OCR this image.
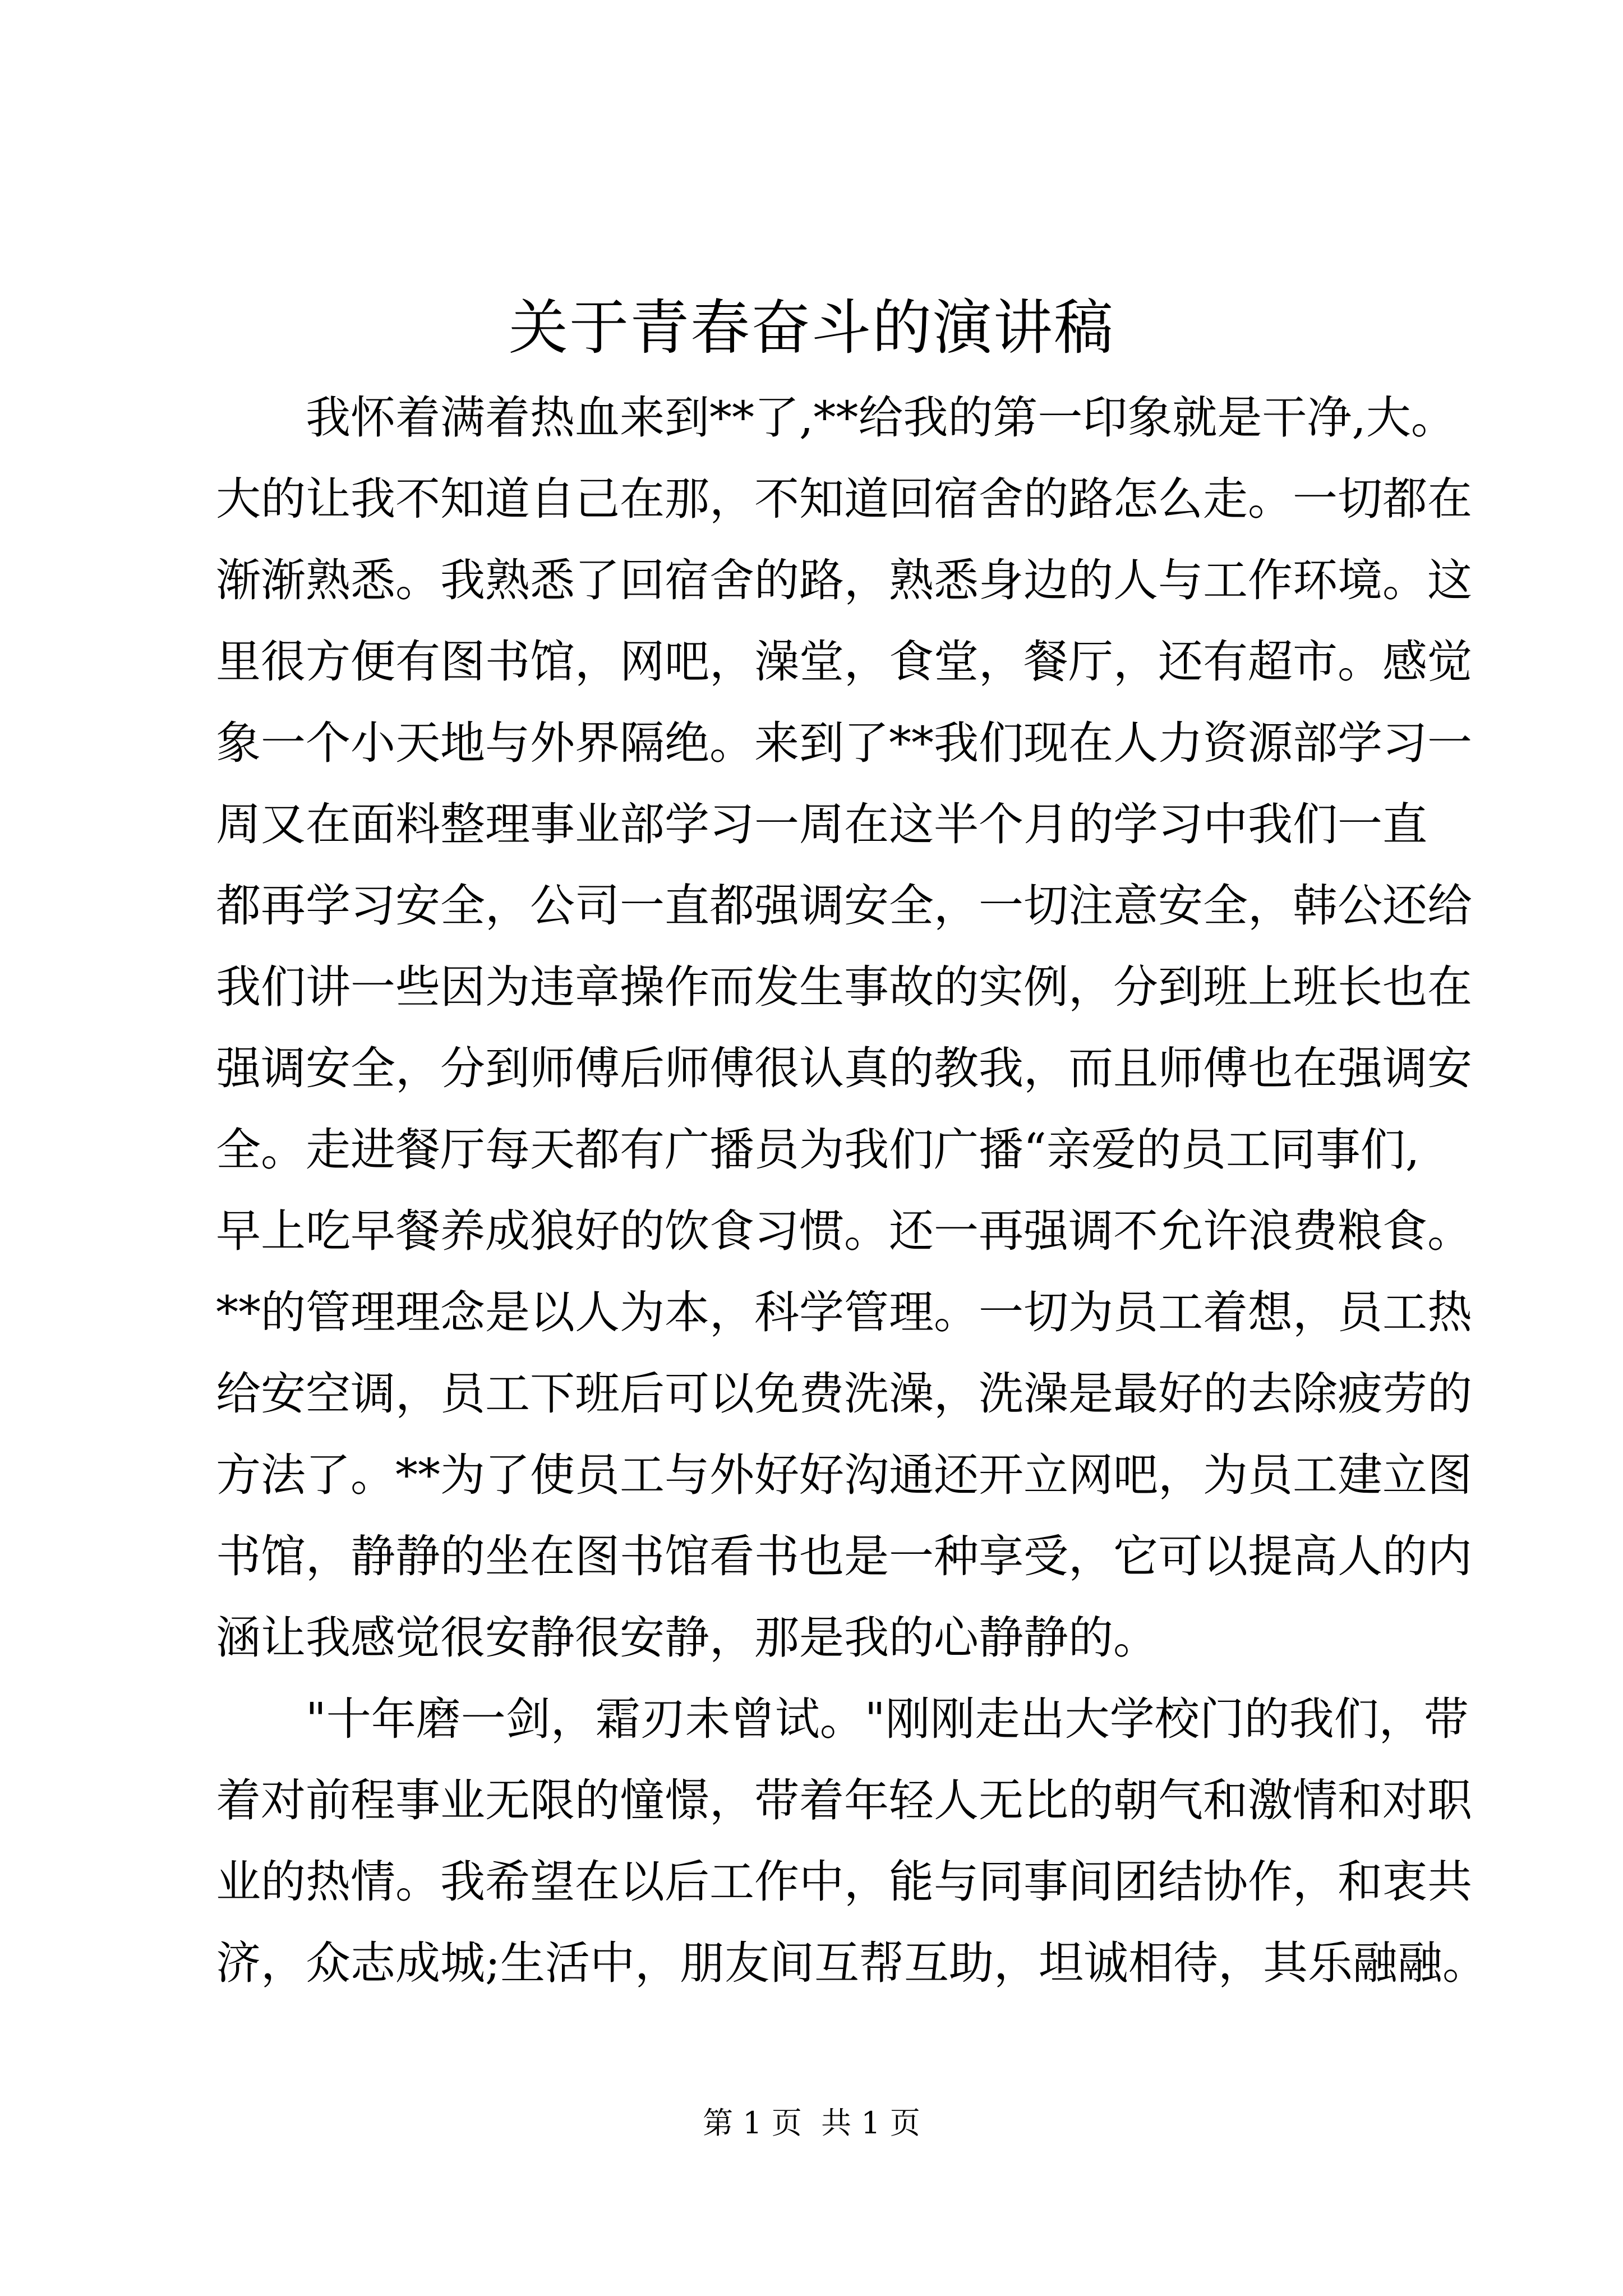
关于青春奋斗的演讲稿

我怀着满着热血来到**了,**给我的第一印象就是干净,大。

大的让我不知道自己在那，不知道回宿舍的路怎么走。一切都在

渐渐熟悉。我熟悉了回宿舍的路，熟悉身边的人与工作环境。这

里很方便有图书馆，网吧，澡堂，食堂，餐厅，还有超市。感觉

象一个小天地与外界隔绝。来到了**我们现在人力资源部学习一

周又在面料整理事业部学习一周在这半个月的学习中我们一直

都再学习安全，公司一直都强调安全，一切注意安全，韩公还给

我们讲一些因为违章操作而发生事故的实例，分到班上班长也在

强调安全，分到师傅后师傅很认真的教我，而且师傅也在强调安

全。走进餐厅每天都有广播员为我们广播“亲爱的员工同事们,

早上吃早餐养成狼好的饮食习惯。还一再强调不允许浪费粮食。

**的管理理念是以人为本，科学管理。一切为员工着想，员工热

给安空调，员工下班后可以免费洗澡，洗澡是最好的去除疲劳的

方法了。**为了使员工与外好好沟通还开立网吧，为员工建立图

书馆，静静的坐在图书馆看书也是一种享受，它可以提高人的内

涵让我感觉很安静很安静，那是我的心静静的。

"十年磨一剑，霜刃未曾试。"刚刚走出大学校门的我们，带

着对前程事业无限的憧憬，带着年轻人无比的朝气和激情和对职

业的热情。我希望在以后工作中，能与同事间团结协作，和衷共

济，众志成城;生活中，朋友间互帮互助，坦诚相待，其乐融融。

第 1 页  共 1 页
